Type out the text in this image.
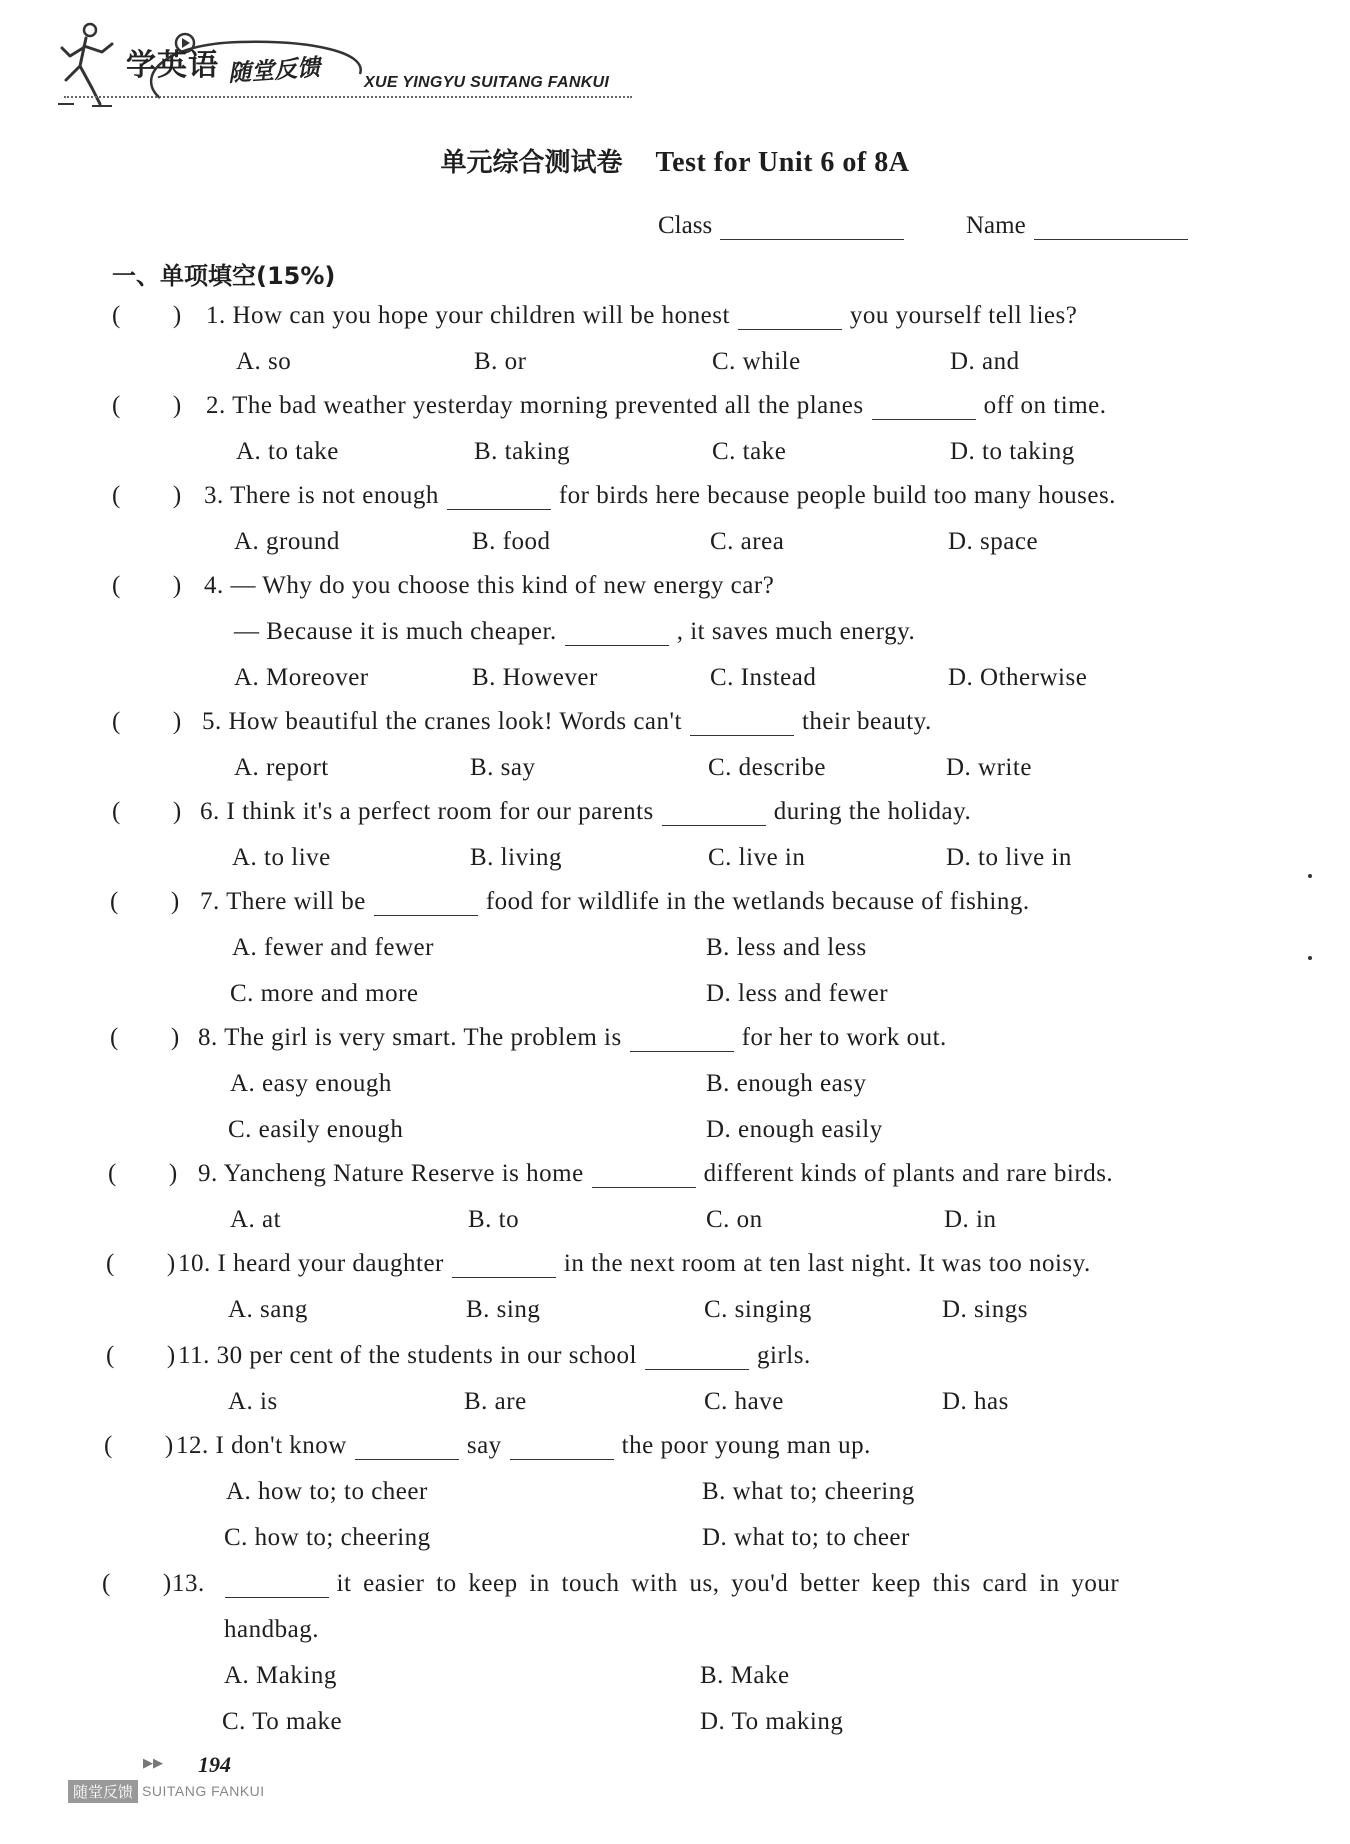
学英语 随堂反馈	XUE YINGYU SUITANG FANKUI
单元综合测试卷 Test for Unit 6 of 8A
Class	Name
一、单项填空(15%)
( ) 1. How can you hope your children will be honest	you yourself tell lies?
A. so	B. or	C. while	D. and
( ) 2. The bad weather yesterday morning prevented all the planes	off on time.
A. to take	B. taking	C. take	D. to taking
( ) 3. There is not enough	for birds here because people build too many houses.
A. ground	B. food	C. area	D. space
( ) 4. — Why do you choose this kind of new energy car?
— Because it is much cheaper.	, it saves much energy.
A. Moreover	B. However	C. Instead	D. Otherwise
( ) 5. How beautiful the cranes look! Words can't	their beauty.
A. report	B. say	C. describe	D. write
( ) 6. I think it's a perfect room for our parents	during the holiday.
A. to live	B. living	C. live in	D. to live in
( ) 7. There will be	food for wildlife in the wetlands because of fishing.
A. fewer and fewer	B. less and less
C. more and more	D. less and fewer
( ) 8. The girl is very smart. The problem is	for her to work out.
A. easy enough	B. enough easy
C. easily enough	D. enough easily
( ) 9. Yancheng Nature Reserve is home	different kinds of plants and rare birds.
A. at	B. to	C. on	D. in
( ) 10. I heard your daughter	in the next room at ten last night. It was too noisy.
A. sang	B. sing	C. singing	D. sings
( ) 11. 30 per cent of the students in our school	girls.
A. is	B. are	C. have	D. has
( ) 12. I don't know	say	the poor young man up.
A. how to; to cheer	B. what to; cheering
C. how to; cheering	D. what to; to cheer
( ) 13.	it easier to keep in touch with us, you'd better keep this card in your
handbag.
A. Making	B. Make
C. To make	D. To making
▶▶ 194
随堂反馈 SUITANG FANKUI
